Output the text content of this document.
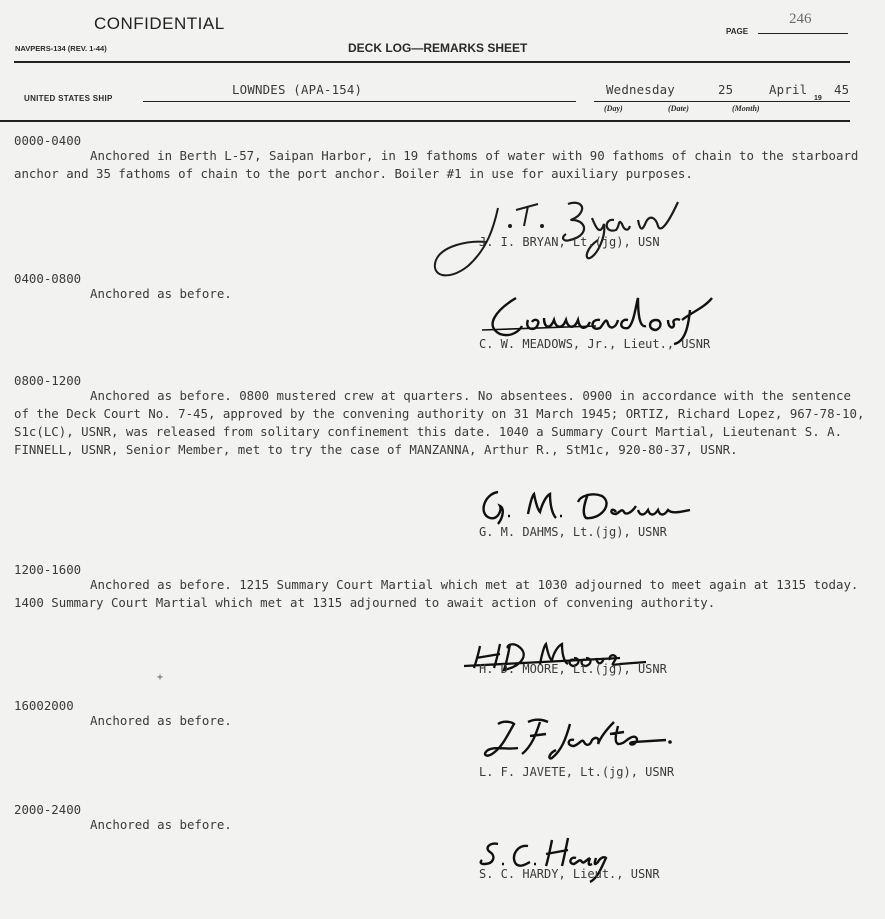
CONFIDENTIAL	PAGE
246
NAVPERS-134 (REV. 1-44)	DECK LOG—REMARKS SHEET
UNITED STATES SHIP
LOWNDES (APA-154)	Wednesday	25	April
19
45
(Day)	(Date)	(Month)
0000-0400
Anchored in Berth L-57, Saipan Harbor, in 19 fathoms of water with 90 fathoms of chain to the starboard anchor and 35 fathoms of chain to the port anchor. Boiler #1 in use for auxiliary purposes.
J. I. BRYAN, Lt.(jg), USN
0400-0800
Anchored as before.
C. W. MEADOWS, Jr., Lieut., USNR
0800-1200
Anchored as before. 0800 mustered crew at quarters. No absentees. 0900 in accordance with the sentence of the Deck Court No. 7-45, approved by the convening authority on 31 March 1945; ORTIZ, Richard Lopez, 967-78-10, S1c(LC), USNR, was released from solitary confinement this date. 1040 a Summary Court Martial, Lieutenant S. A. FINNELL, USNR, Senior Member, met to try the case of MANZANNA, Arthur R., StM1c, 920-80-37, USNR.
G. M. DAHMS, Lt.(jg), USNR
1200-1600
Anchored as before. 1215 Summary Court Martial which met at 1030 adjourned to meet again at 1315 today. 1400 Summary Court Martial which met at 1315 adjourned to await action of convening authority.
+
H. D. MOORE, Lt.(jg), USNR
16002000
Anchored as before.
L. F. JAVETE, Lt.(jg), USNR
2000-2400
Anchored as before.
S. C. HARDY, Lieut., USNR
